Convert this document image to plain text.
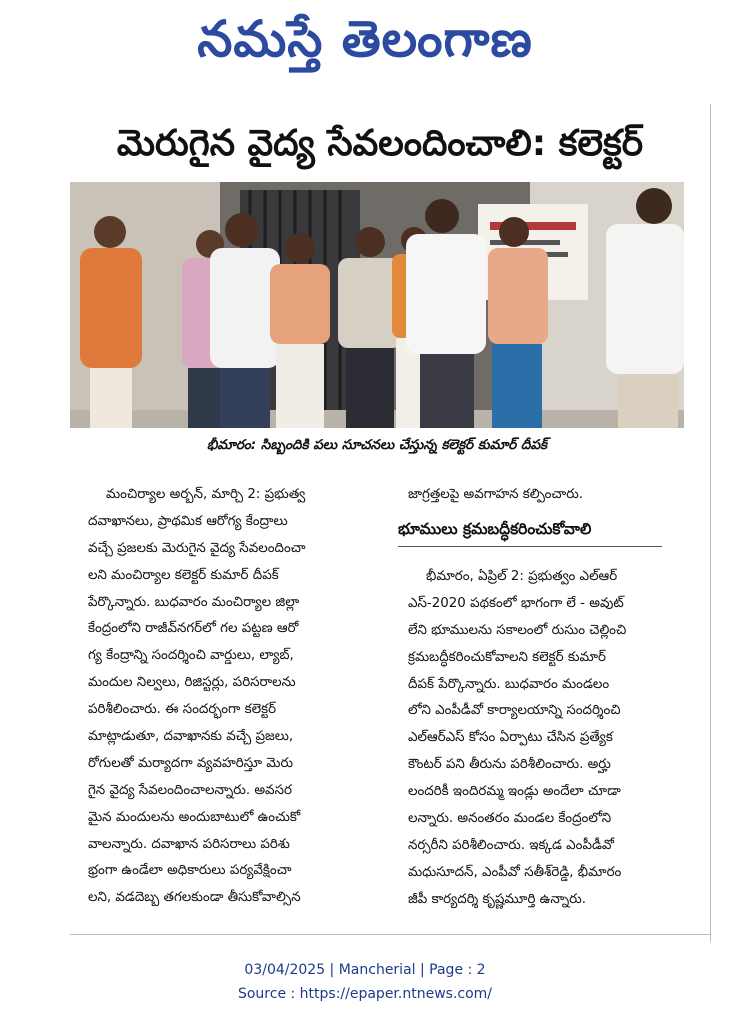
నమస్తే తెలంగాణ
మెరుగైన వైద్య సేవలందించాలి: కలెక్టర్
భీమారం: సిబ్బందికి పలు సూచనలు చేస్తున్న కలెక్టర్ కుమార్ దీపక్
మంచిర్యాల అర్బన్, మార్చి 2: ప్రభుత్వ
దవాఖానలు, ప్రాథమిక ఆరోగ్య కేంద్రాలు
వచ్చే ప్రజలకు మెరుగైన వైద్య సేవలందించా
లని మంచిర్యాల కలెక్టర్ కుమార్ దీపక్
పేర్కొన్నారు. బుధవారం మంచిర్యాల జిల్లా
కేంద్రంలోని రాజీవ్‌నగర్‌లో గల పట్టణ ఆరో
గ్య కేంద్రాన్ని సందర్శించి వార్డులు, ల్యాబ్,
మందుల నిల్వలు, రిజిస్టర్లు, పరిసరాలను
పరిశీలించారు. ఈ సందర్భంగా కలెక్టర్
మాట్లాడుతూ, దవాఖానకు వచ్చే ప్రజలు,
రోగులతో మర్యాదగా వ్యవహరిస్తూ మెరు
గైన వైద్య సేవలందించాలన్నారు. అవసర
మైన మందులను అందుబాటులో ఉంచుకో
వాలన్నారు. దవాఖాన పరిసరాలు పరిశు
భ్రంగా ఉండేలా అధికారులు పర్యవేక్షించా
లని, వడదెబ్బ తగలకుండా తీసుకోవాల్సిన
జాగ్రత్తలపై అవగాహన కల్పించారు.
భూములు క్రమబద్ధీకరించుకోవాలి
భీమారం, ఏప్రిల్ 2: ప్రభుత్వం ఎల్‌ఆర్
ఎస్-2020 పథకంలో భాగంగా లే - అవుట్
లేని భూములను సకాలంలో రుసుం చెల్లించి
క్రమబద్ధీకరించుకోవాలని కలెక్టర్ కుమార్
దీపక్ పేర్కొన్నారు. బుధవారం మండలం
లోని ఎంపీడీవో కార్యాలయాన్ని సందర్శించి
ఎల్‌ఆర్‌ఎస్ కోసం ఏర్పాటు చేసిన ప్రత్యేక
కౌంటర్ పని తీరును పరిశీలించారు. అర్హు
లందరికీ ఇందిరమ్మ ఇండ్లు అందేలా చూడా
లన్నారు. అనంతరం మండల కేంద్రంలోని
నర్సరీని పరిశీలించారు. ఇక్కడ ఎంపీడీవో
మధుసూదన్, ఎంపీవో సతీశ్‌రెడ్డి, భీమారం
జీపీ కార్యదర్శి కృష్ణమూర్తి ఉన్నారు.
03/04/2025 | Mancherial | Page : 2
Source : https://epaper.ntnews.com/
